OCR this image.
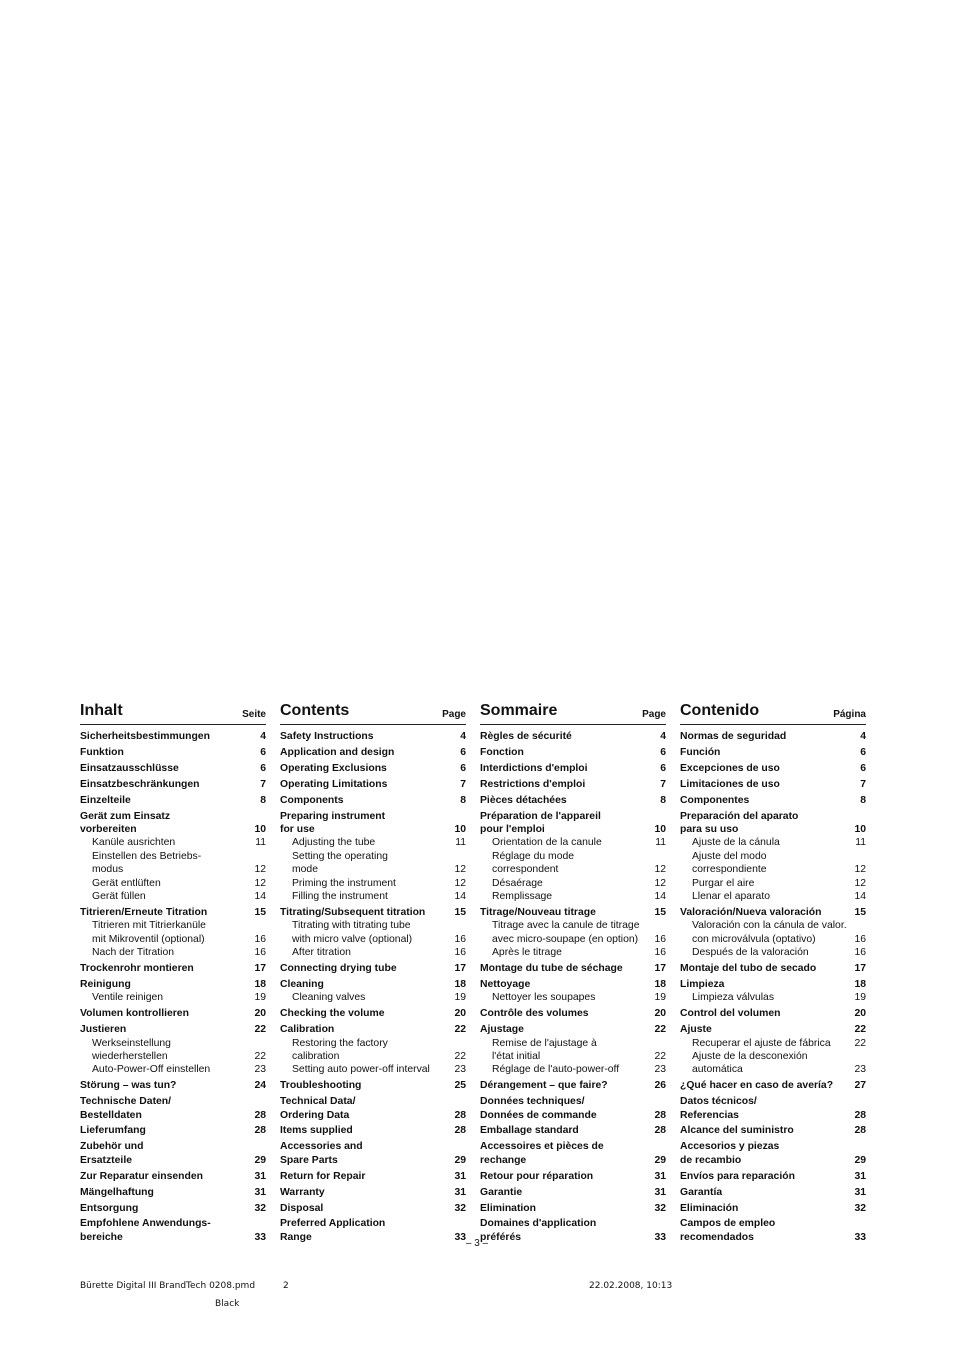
Inhalt	Seite
Sicherheitsbestimmungen	4
Funktion	6
Einsatzausschlüsse	6
Einsatzbeschränkungen	7
Einzelteile	8
Gerät zum Einsatz
vorbereiten	10
Kanüle ausrichten	11
Einstellen des Betriebs-
modus	12
Gerät entlüften	12
Gerät füllen	14
Titrieren/Erneute Titration	15
Titrieren mit Titrierkanüle
mit Mikroventil (optional)	16
Nach der Titration	16
Trockenrohr montieren	17
Reinigung	18
Ventile reinigen	19
Volumen kontrollieren	20
Justieren	22
Werkseinstellung
wiederherstellen	22
Auto-Power-Off einstellen	23
Störung – was tun?	24
Technische Daten/
Bestelldaten	28
Lieferumfang	28
Zubehör und
Ersatzteile	29
Zur Reparatur einsenden	31
Mängelhaftung	31
Entsorgung	32
Empfohlene Anwendungs-
bereiche	33
Contents	Page
Safety Instructions	4
Application and design	6
Operating Exclusions	6
Operating Limitations	7
Components	8
Preparing instrument
for use	10
Adjusting the tube	11
Setting the operating
mode	12
Priming the instrument	12
Filling the instrument	14
Titrating/Subsequent titration	15
Titrating with titrating tube
with micro valve (optional)	16
After titration	16
Connecting drying tube	17
Cleaning	18
Cleaning valves	19
Checking the volume	20
Calibration	22
Restoring the factory
calibration	22
Setting auto power-off interval 23
Troubleshooting	25
Technical Data/
Ordering Data	28
Items supplied	28
Accessories and
Spare Parts	29
Return for Repair	31
Warranty	31
Disposal	32
Preferred Application
Range	33
Sommaire	Page
Règles de sécurité	4
Fonction	6
Interdictions d'emploi	6
Restrictions d'emploi	7
Pièces détachées	8
Préparation de l'appareil
pour l'emploi	10
Orientation de la canule	11
Réglage du mode
correspondent	12
Désaérage	12
Remplissage	14
Titrage/Nouveau titrage	15
Titrage avec la canule de titrage
avec micro-soupape (en option) 16
Après le titrage	16
Montage du tube de séchage	17
Nettoyage	18
Nettoyer les soupapes	19
Contrôle des volumes	20
Ajustage	22
Remise de l'ajustage à
l'état initial	22
Réglage de l'auto-power-off	23
Dérangement – que faire?	26
Données techniques/
Données de commande	28
Emballage standard	28
Accessoires et pièces de
rechange	29
Retour pour réparation	31
Garantie	31
Elimination	32
Domaines d'application
préférés	33
Contenido	Página
Normas de seguridad	4
Función	6
Excepciones de uso	6
Limitaciones de uso	7
Componentes	8
Preparación del aparato
para su uso	10
Ajuste de la cánula	11
Ajuste del modo
correspondiente	12
Purgar el aire	12
Llenar el aparato	14
Valoración/Nueva valoración	15
Valoración con la cánula de valor.
con microválvula (optativo)	16
Después de la valoración	16
Montaje del tubo de secado	17
Limpieza	18
Limpieza válvulas	19
Control del volumen	20
Ajuste	22
Recuperar el ajuste de fábrica 22
Ajuste de la desconexión
automática	23
¿Qué hacer en caso de avería? 27
Datos técnicos/
Referencias	28
Alcance del suministro	28
Accesorios y piezas
de recambio	29
Envíos para reparación	31
Garantía	31
Eliminación	32
Campos de empleo
recomendados	33
– 3 –
Bürette Digital III BrandTech 0208.pmd	2	22.02.2008, 10:13
Black
